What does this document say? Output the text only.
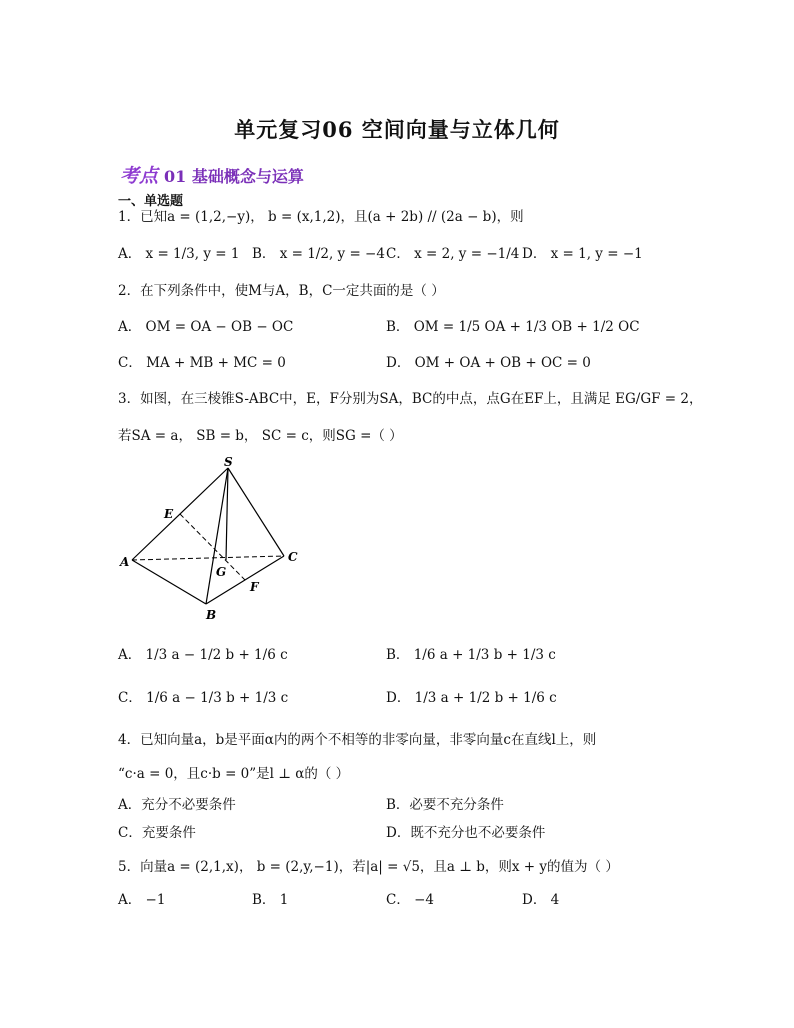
单元复习06 空间向量与立体几何
考点 01 基础概念与运算
一、单选题
1．已知a = (1,2,−y)， b = (x,1,2)，且(a + 2b) // (2a − b)，则
A． x = 1/3, y = 1 B． x = 1/2, y = −4 C． x = 2, y = −1/4 D． x = 1, y = −1
2．在下列条件中，使M与A，B，C一定共面的是（ ）
A． OM = OA − OB − OC	B． OM = 1/5 OA + 1/3 OB + 1/2 OC
C． MA + MB + MC = 0	D． OM + OA + OB + OC = 0
3．如图，在三棱锥S-ABC中，E，F分别为SA，BC的中点，点G在EF上，且满足 EG/GF = 2，
若SA = a， SB = b， SC = c，则SG =（ ）
S
E
A
G
C
F
B
A． 1/3 a − 1/2 b + 1/6 c	B． 1/6 a + 1/3 b + 1/3 c
C． 1/6 a − 1/3 b + 1/3 c	D． 1/3 a + 1/2 b + 1/6 c
4．已知向量a，b是平面α内的两个不相等的非零向量，非零向量c在直线l上，则
“c·a = 0，且c·b = 0”是l ⊥ α的（ ）
A．充分不必要条件	B．必要不充分条件
C．充要条件	D．既不充分也不必要条件
5．向量a = (2,1,x)， b = (2,y,−1)，若|a| = √5，且a ⊥ b，则x + y的值为（ ）
A． −1	B． 1	C． −4	D． 4
